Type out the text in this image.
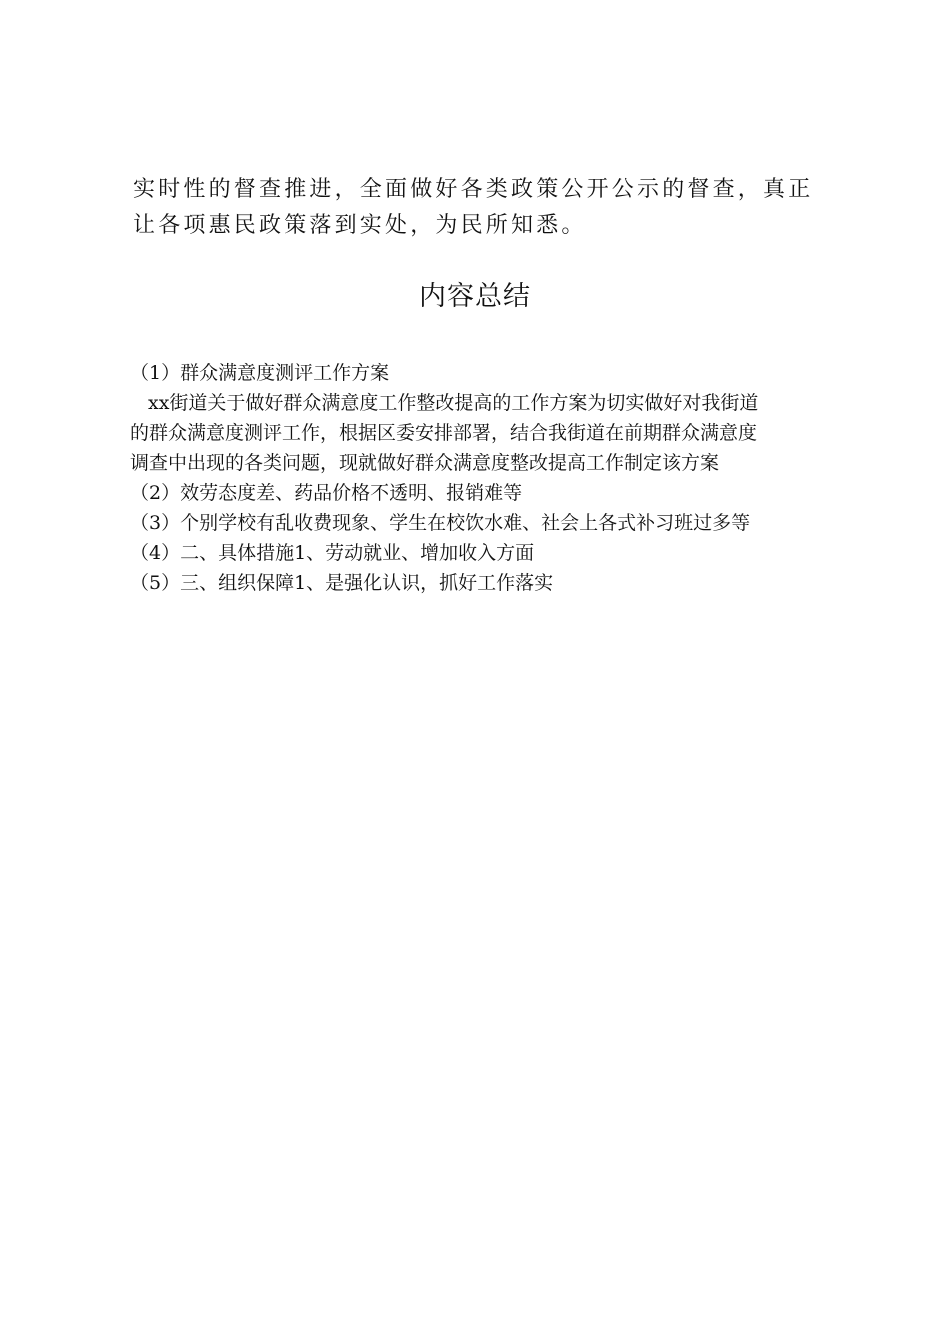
实时性的督查推进，全面做好各类政策公开公示的督查，真正

让各项惠民政策落到实处，为民所知悉。

内容总结

（1）群众满意度测评工作方案

xx街道关于做好群众满意度工作整改提高的工作方案为切实做好对我街道

的群众满意度测评工作，根据区委安排部署，结合我街道在前期群众满意度

调查中出现的各类问题，现就做好群众满意度整改提高工作制定该方案

（2）效劳态度差、药品价格不透明、报销难等

（3）个别学校有乱收费现象、学生在校饮水难、社会上各式补习班过多等

（4）二、具体措施1、劳动就业、增加收入方面

（5）三、组织保障1、是强化认识，抓好工作落实
